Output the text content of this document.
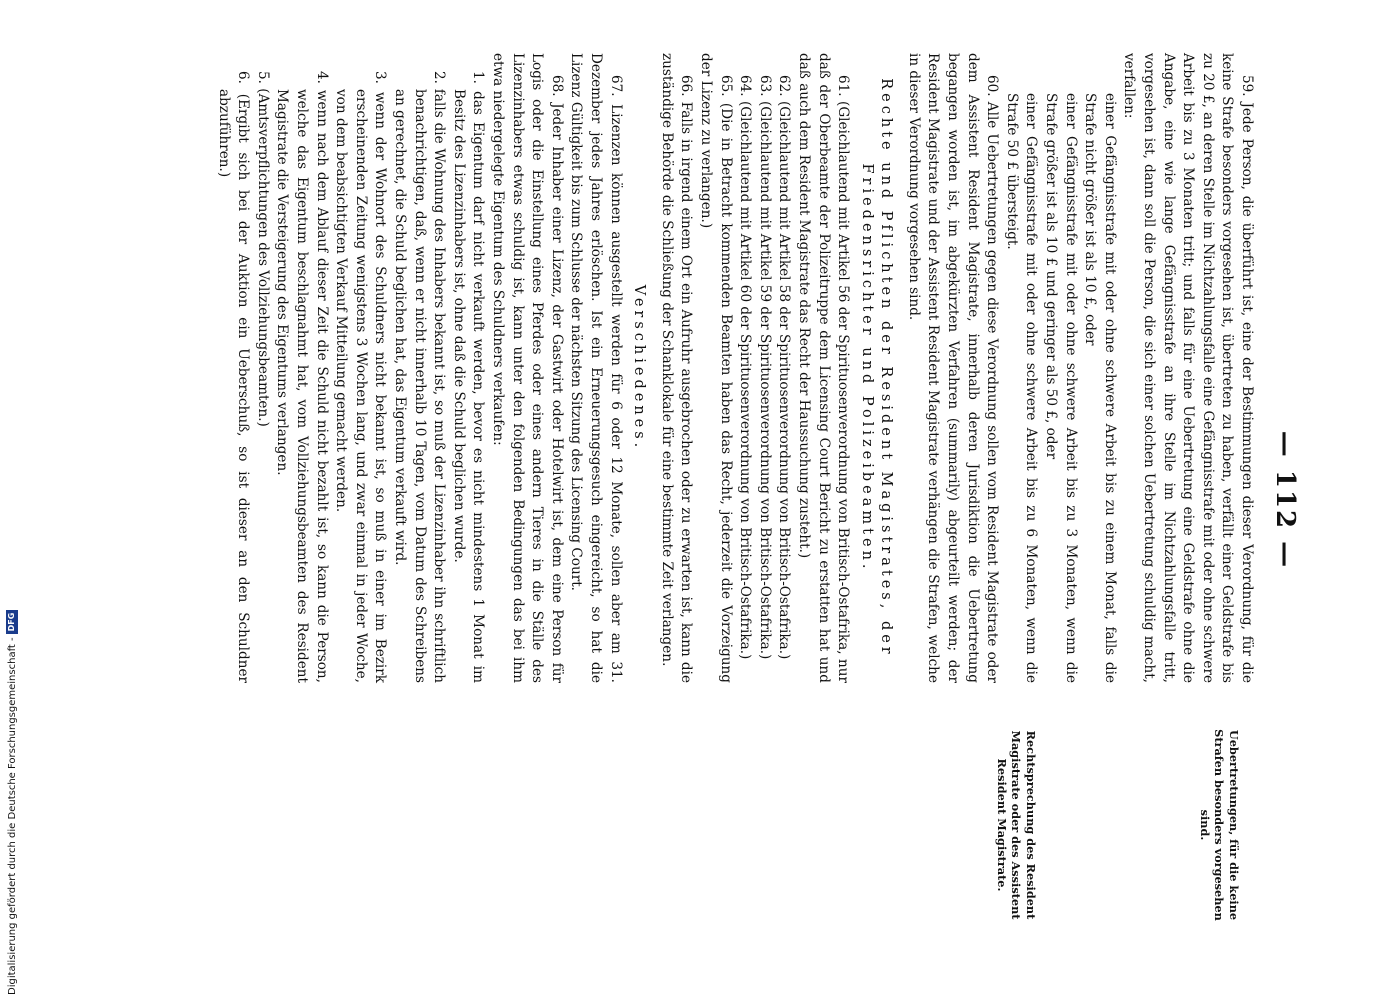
— 112 —

59. Jede Person, die überführt ist, eine der Bestimmungen dieser Verordnung, für die keine Strafe besonders vorgesehen ist, übertreten zu haben, verfällt einer Geldstrafe bis zu 20 £, an deren Stelle im Nichtzahlungsfalle eine Gefängnisstrafe mit oder ohne schwere Arbeit bis zu 3 Monaten tritt; und falls für eine Uebertretung eine Geldstrafe ohne die Angabe, eine wie lange Gefängnisstrafe an ihre Stelle im Nichtzahlungsfalle tritt, vorgesehen ist, dann soll die Person, die sich einer solchen Uebertretung schuldig macht, verfallen:

einer Gefängnisstrafe mit oder ohne schwere Arbeit bis zu einem Monat, falls die Strafe nicht größer ist als 10 £, oder

einer Gefängnisstrafe mit oder ohne schwere Arbeit bis zu 3 Monaten, wenn die Strafe größer ist als 10 £ und geringer als 50 £, oder

einer Gefängnisstrafe mit oder ohne schwere Arbeit bis zu 6 Monaten, wenn die Strafe 50 £ übersteigt.

60. Alle Uebertretungen gegen diese Verordnung sollen vom Resident Magistrate oder dem Assistent Resident Magistrate, innerhalb deren Jurisdiktion die Uebertretung begangen worden ist, im abgekürzten Verfahren (summarily) abgeurteilt werden; der Resident Magistrate und der Assistent Resident Magistrate verhängen die Strafen, welche in dieser Verordnung vorgesehen sind.

Rechte und Pflichten der Resident Magistrates, der Friedensrichter und Polizeibeamten.

61. (Gleichlautend mit Artikel 56 der Spirituosenverordnung von Britisch-Ostafrika, nur daß der Oberbeamte der Polizeitruppe dem Licensing Court Bericht zu erstatten hat und daß auch dem Resident Magistrate das Recht der Haussuchung zusteht.)

62. (Gleichlautend mit Artikel 58 der Spirituosenverordnung von Britisch-Ostafrika.)

63. (Gleichlautend mit Artikel 59 der Spirituosenverordnung von Britisch-Ostafrika.)

64. (Gleichlautend mit Artikel 60 der Spirituosenverordnung von Britisch-Ostafrika.)

65. (Die in Betracht kommenden Beamten haben das Recht, jederzeit die Vorzeigung der Lizenz zu verlangen.)

66. Falls in irgend einem Ort ein Aufruhr ausgebrochen oder zu erwarten ist, kann die zuständige Behörde die Schließung der Schanklokale für eine bestimmte Zeit verlangen.

Verschiedenes.

67. Lizenzen können ausgestellt werden für 6 oder 12 Monate, sollen aber am 31. Dezember jedes Jahres erlöschen. Ist ein Erneuerungsgesuch eingereicht, so hat die Lizenz Gültigkeit bis zum Schlusse der nächsten Sitzung des Licensing Court.

68. Jeder Inhaber einer Lizenz, der Gastwirt oder Hotelwirt ist, dem eine Person für Logis oder die Einstellung eines Pferdes oder eines andern Tieres in die Ställe des Lizenzinhabers etwas schuldig ist, kann unter den folgenden Bedingungen das bei ihm etwa niedergelegte Eigentum des Schuldners verkaufen:

1. das Eigentum darf nicht verkauft werden, bevor es nicht mindestens 1 Monat im Besitz des Lizenzinhabers ist, ohne daß die Schuld beglichen wurde.

2. falls die Wohnung des Inhabers bekannt ist, so muß der Lizenzinhaber ihn schriftlich benachrichtigen, daß, wenn er nicht innerhalb 10 Tagen, vom Datum des Schreibens an gerechnet, die Schuld beglichen hat, das Eigentum verkauft wird.

3. wenn der Wohnort des Schuldners nicht bekannt ist, so muß in einer im Bezirk erscheinenden Zeitung wenigstens 3 Wochen lang, und zwar einmal in jeder Woche, von dem beabsichtigten Verkauf Mitteilung gemacht werden.

4. wenn nach dem Ablauf dieser Zeit die Schuld nicht bezahlt ist, so kann die Person, welche das Eigentum beschlagnahmt hat, vom Vollziehungsbeamten des Resident Magistrate die Versteigerung des Eigentums verlangen.

5. (Amtsverpflichtungen des Vollziehungsbeamten.)

6. (Ergibt sich bei der Auktion ein Ueberschuß, so ist dieser an den Schuldner abzuführen.)

Uebertretungen, für die keine Strafen besonders vorgesehen sind.
Rechtsprechung des Resident Magistrate oder des Assistent Resident Magistrate.
Digitalisierung gefördert durch die Deutsche Forschungsgemeinschaft -DFG
